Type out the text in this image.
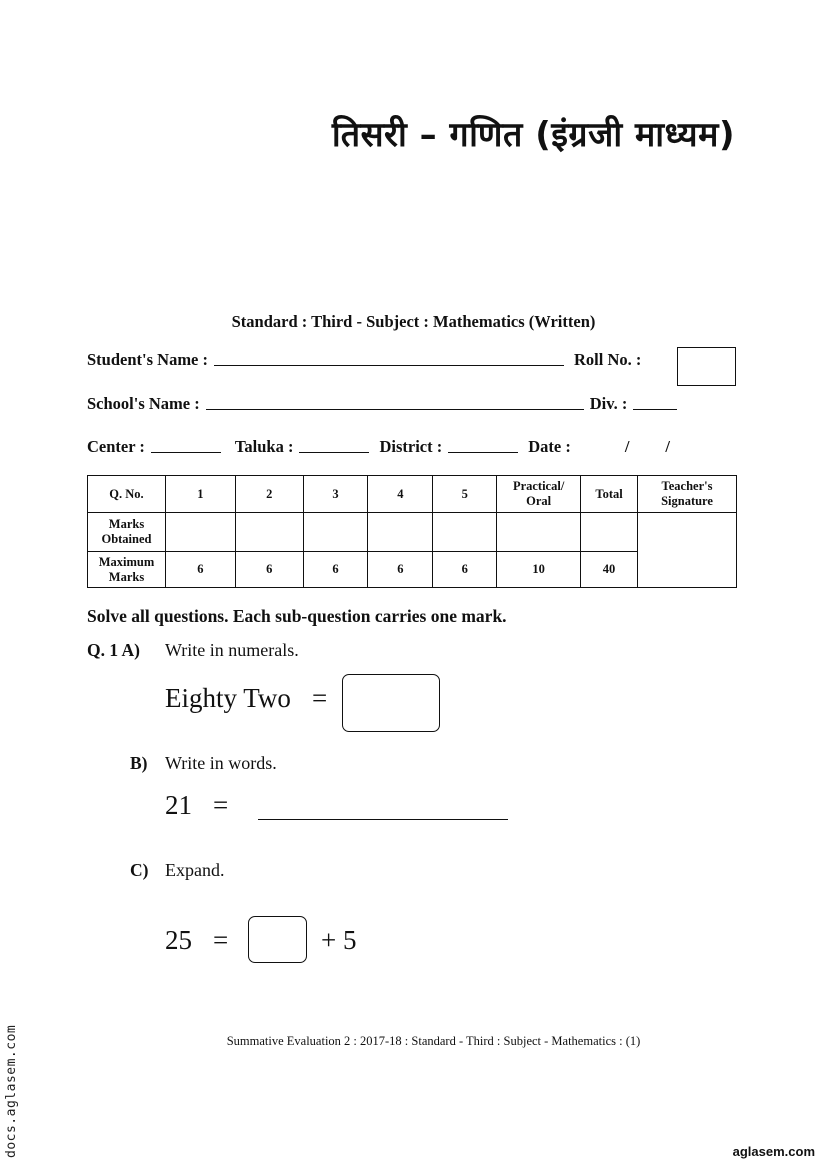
तिसरी – गणित (इंग्रजी माध्यम)
Standard : Third - Subject : Mathematics (Written)
Student's Name :	Roll No. :
School's Name :	Div. :
Center :	Taluka :	District :	Date :	/ /
Q. No.	1	2	3	4	5	Practical/ Oral	Total	Teacher's Signature
Marks Obtained								
Maximum Marks	6	6	6	6	6	10	40	
Solve all questions. Each sub-question carries one mark.
Q. 1 A) Write in numerals.
Eighty Two =
B) Write in words.
21 =
C) Expand.
25 =	+ 5
Summative Evaluation 2 : 2017-18 : Standard - Third : Subject - Mathematics : (1)
docs.aglasem.com	aglasem.com
